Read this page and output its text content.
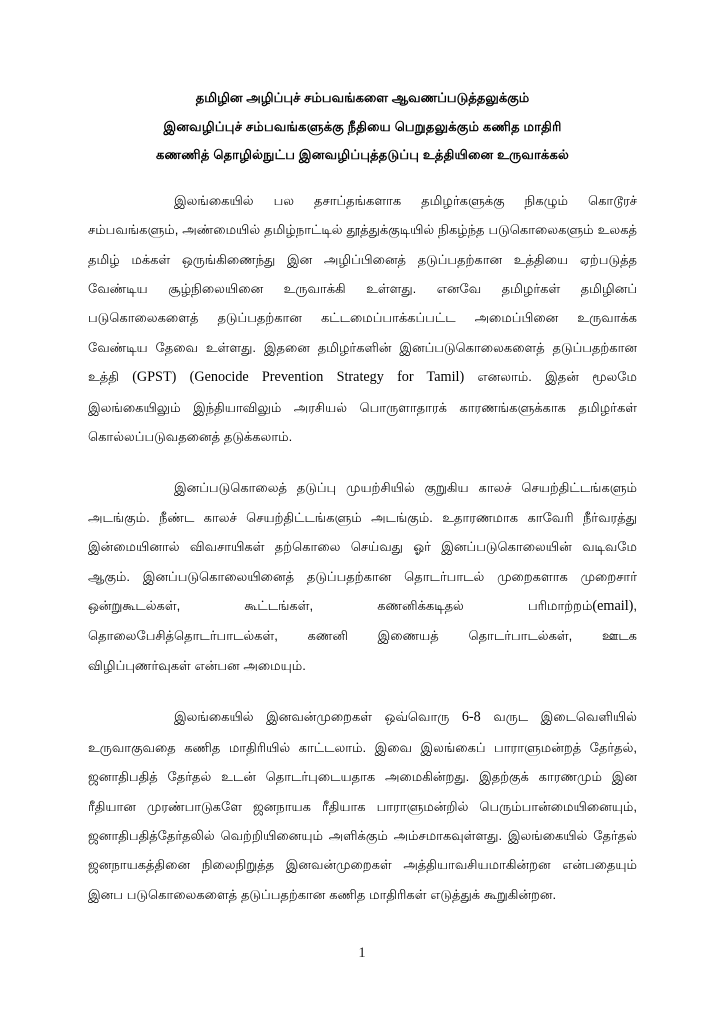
தமிழின அழிப்புச் சம்பவங்களை ஆவணப்படுத்தலுக்கும்
இனவழிப்புச் சம்பவங்களுக்கு நீதியை பெறுதலுக்கும் கணித மாதிரி
கணணித் தொழில்நுட்ப இனவழிப்புத்தடுப்பு உத்தியினை உருவாக்கல்

இலங்கையில் பல தசாப்தங்களாக தமிழர்களுக்கு நிகழும் கொடூரச் சம்பவங்களும், அண்மையில் தமிழ்நாட்டில் தூத்துக்குடியில் நிகழ்ந்த படுகொலைகளும் உலகத் தமிழ் மக்கள் ஒருங்கிணைந்து இன அழிப்பினைத் தடுப்பதற்கான உத்தியை ஏற்படுத்த வேண்டிய சூழ்நிலையினை உருவாக்கி உள்ளது. எனவே தமிழர்கள் தமிழினப் படுகொலைகளைத் தடுப்பதற்கான கட்டமைப்பாக்கப்பட்ட அமைப்பினை உருவாக்க வேண்டிய தேவை உள்ளது. இதனை தமிழர்களின் இனப்படுகொலைகளைத் தடுப்பதற்கான உத்தி (GPST) (Genocide Prevention Strategy for Tamil) எனலாம். இதன் மூலமே இலங்கையிலும் இந்தியாவிலும் அரசியல் பொருளாதாரக் காரணங்களுக்காக தமிழர்கள் கொல்லப்படுவதனைத் தடுக்கலாம்.

இனப்படுகொலைத் தடுப்பு முயற்சியில் குறுகிய காலச் செயற்திட்டங்களும் அடங்கும். நீண்ட காலச் செயற்திட்டங்களும் அடங்கும். உதாரணமாக காவேரி நீர்வரத்து இன்மையினால் விவசாயிகள் தற்கொலை செய்வது ஓர் இனப்படுகொலையின் வடிவமே ஆகும். இனப்படுகொலையினைத் தடுப்பதற்கான தொடர்பாடல் முறைகளாக முறைசார் ஒன்றுகூடல்கள், கூட்டங்கள், கணனிக்கடிதல் பரிமாற்றம்(email), தொலைபேசித்தொடர்பாடல்கள், கணனி இணையத் தொடர்பாடல்கள், ஊடக விழிப்புணர்வுகள் என்பன அமையும்.

இலங்கையில் இனவன்முறைகள் ஒவ்வொரு 6-8 வருட இடைவெளியில் உருவாகுவதை கணித மாதிரியில் காட்டலாம். இவை இலங்கைப் பாராளுமன்றத் தேர்தல், ஜனாதிபதித் தேர்தல் உடன் தொடர்புடையதாக அமைகின்றது. இதற்குக் காரணமும் இன ரீதியான முரண்பாடுகளே ஜனநாயக ரீதியாக பாராளுமன்றில் பெரும்பான்மையினையும், ஜனாதிபதித்தேர்தலில் வெற்றியினையும் அளிக்கும் அம்சமாகவுள்ளது. இலங்கையில் தேர்தல் ஜனநாயகத்தினை நிலைநிறுத்த இனவன்முறைகள் அத்தியாவசியமாகின்றன என்பதையும் இனப படுகொலைகளைத் தடுப்பதற்கான கணித மாதிரிகள் எடுத்துக் கூறுகின்றன.

1
